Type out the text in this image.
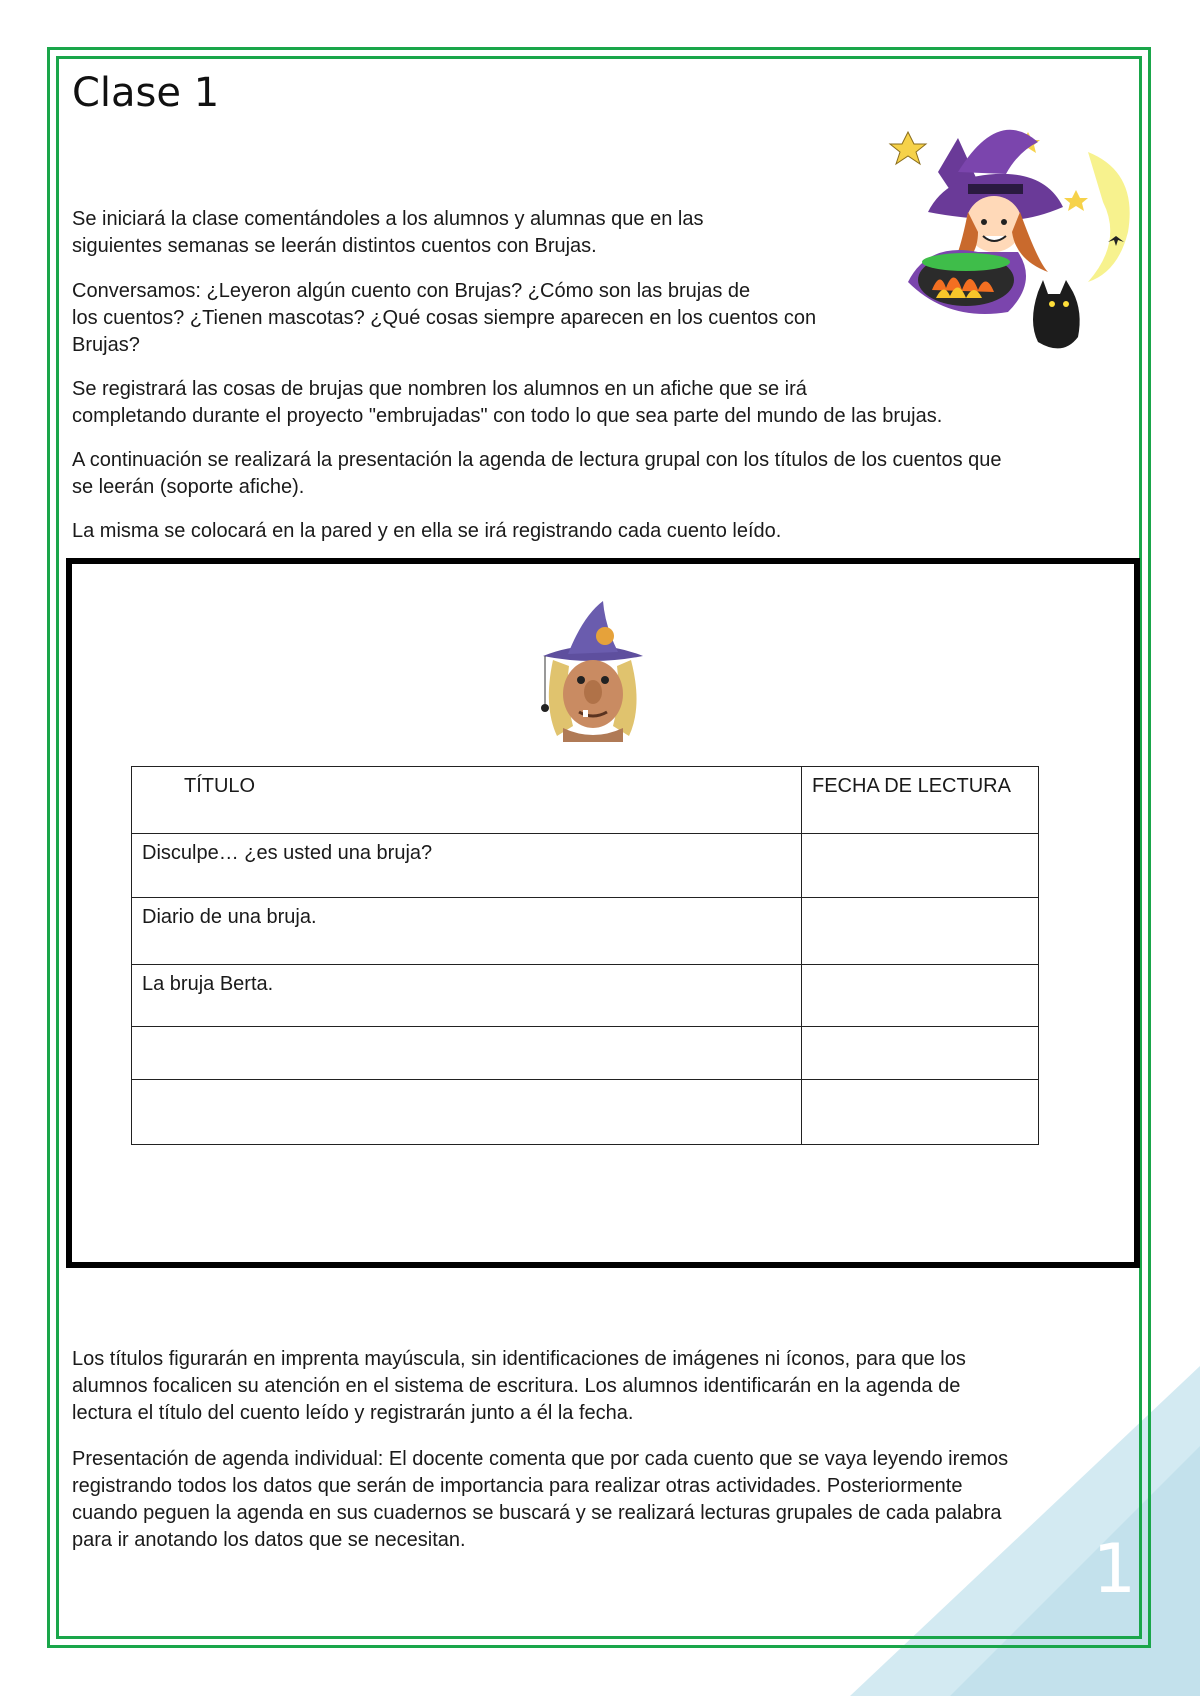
Clase 1

Se iniciará la clase comentándoles a los alumnos y alumnas que en las
siguientes semanas se leerán distintos cuentos con Brujas.

Conversamos: ¿Leyeron algún cuento con Brujas? ¿Cómo son las brujas de
los cuentos? ¿Tienen mascotas? ¿Qué cosas siempre aparecen en los cuentos con
Brujas?

Se registrará las cosas de brujas que nombren los alumnos en un afiche que se irá
completando durante el proyecto "embrujadas" con todo lo que sea parte del mundo de las brujas.

A continuación se realizará la presentación la agenda de lectura grupal con los títulos de los cuentos que
se leerán (soporte afiche).

La misma se colocará en la pared y en ella se irá registrando cada cuento leído.

TÍTULO	FECHA DE LECTURA
Disculpe… ¿es usted una bruja?	
Diario de una bruja.	
La bruja Berta.	

Los títulos figurarán en imprenta mayúscula, sin identificaciones de imágenes ni íconos, para que los
alumnos focalicen su atención en el sistema de escritura. Los alumnos identificarán en la agenda de
lectura el título del cuento leído y registrarán junto a él la fecha.

Presentación de agenda individual: El docente comenta que por cada cuento que se vaya leyendo iremos
registrando todos los datos que serán de importancia para realizar otras actividades. Posteriormente
cuando peguen la agenda en sus cuadernos se buscará y se realizará lecturas grupales de cada palabra
para ir anotando los datos que se necesitan.	1
